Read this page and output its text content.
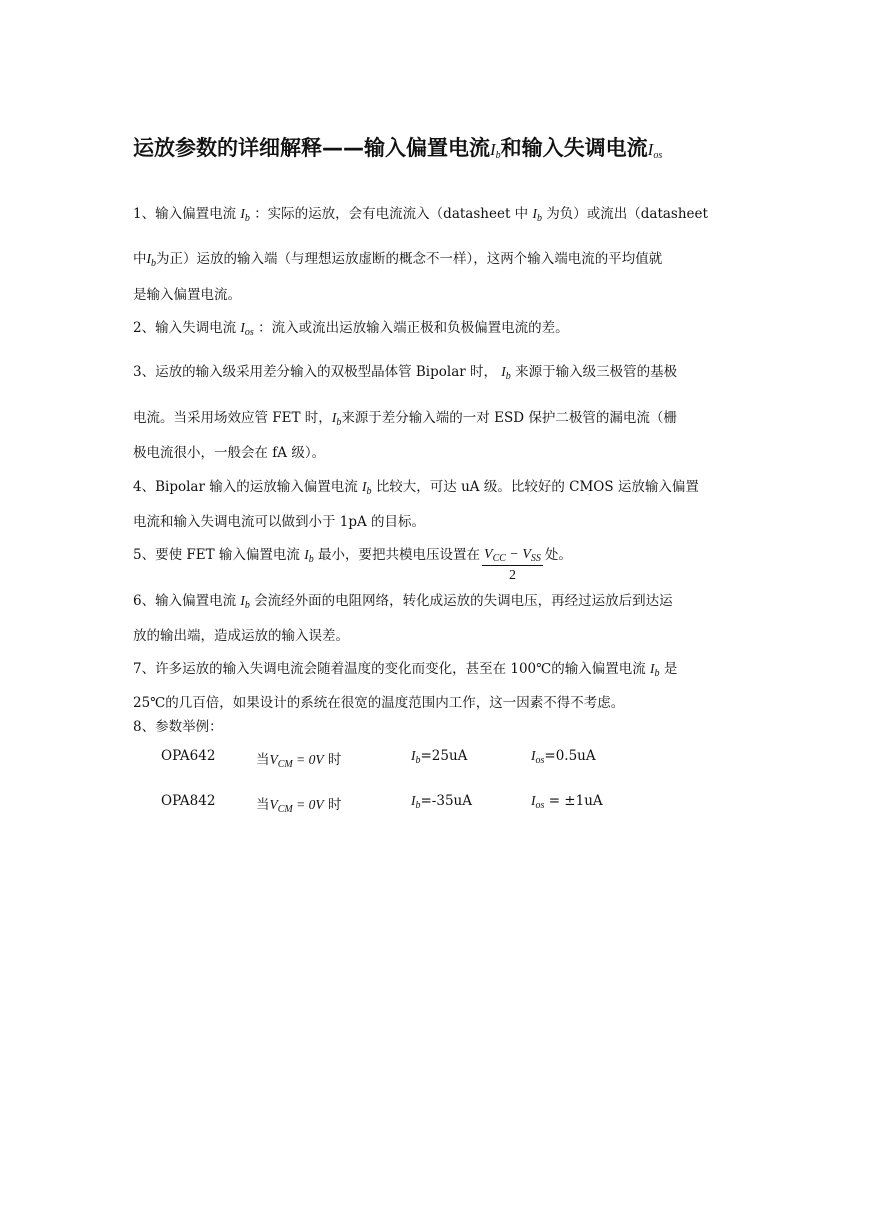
运放参数的详细解释——输入偏置电流$I_b$和输入失调电流$I_{os}$
1、输入偏置电流 $I_b$ ：实际的运放，会有电流流入（datasheet 中 $I_b$ 为负）或流出（datasheet
中$I_b$为正）运放的输入端（与理想运放虚断的概念不一样），这两个输入端电流的平均值就
是输入偏置电流。
2、输入失调电流 $I_{os}$ ：流入或流出运放输入端正极和负极偏置电流的差。
3、运放的输入级采用差分输入的双极型晶体管 Bipolar 时， $I_b$ 来源于输入级三极管的基极
电流。当采用场效应管 FET 时，$I_b$来源于差分输入端的一对 ESD 保护二极管的漏电流（栅
极电流很小，一般会在 fA 级）。
4、Bipolar 输入的运放输入偏置电流 $I_b$ 比较大，可达 uA 级。比较好的 CMOS 运放输入偏置
电流和输入失调电流可以做到小于 1pA 的目标。
5、要使 FET 输入偏置电流 $I_b$ 最小，要把共模电压设置在 $\frac{V_{CC} - V_{SS}}{2}$ 处。
6、输入偏置电流 $I_b$ 会流经外面的电阻网络，转化成运放的失调电压，再经过运放后到达运
放的输出端，造成运放的输入误差。
7、许多运放的输入失调电流会随着温度的变化而变化，甚至在 100℃的输入偏置电流 $I_b$ 是
25℃的几百倍，如果设计的系统在很宽的温度范围内工作，这一因素不得不考虑。
8、参数举例：
OPA642	当$V_{CM} = 0V$ 时	$I_b=25uA$	$I_{os}=0.5uA$
OPA842	当$V_{CM} = 0V$ 时	$I_b=-35uA$	$I_{os} = \pm 1uA$
